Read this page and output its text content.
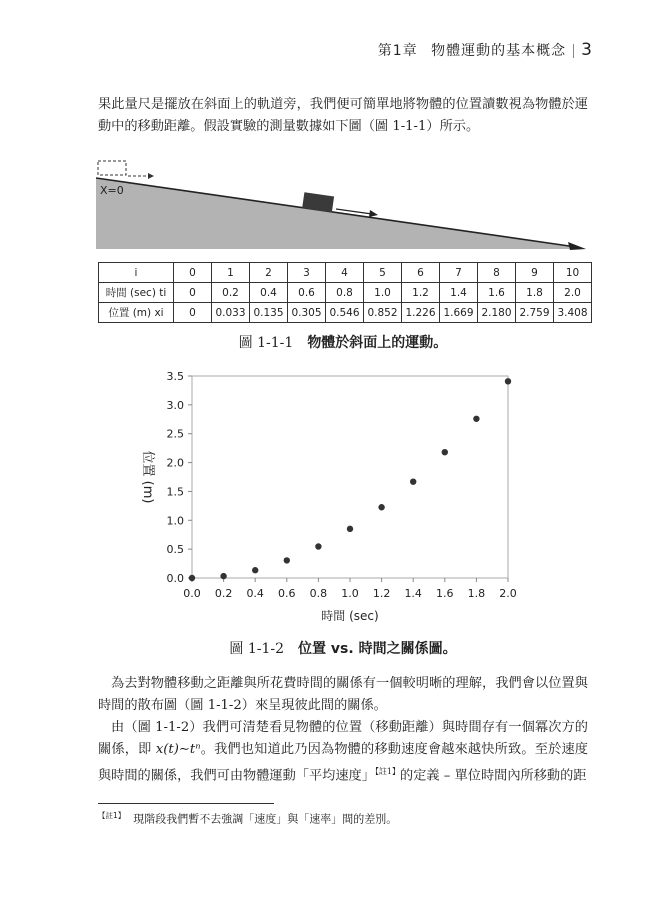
第1章 物體運動的基本概念 3

果此量尺是擺放在斜面上的軌道旁，我們便可簡單地將物體的位置讀數視為物體於運動中的移動距離。假設實驗的測量數據如下圖（圖 1-1-1）所示。

X=0
i	0	1	2	3	4	5	6	7	8	9	10
時間 (sec) ti	0	0.2	0.4	0.6	0.8	1.0	1.2	1.4	1.6	1.8	2.0
位置 (m) xi	0	0.033	0.135	0.305	0.546	0.852	1.226	1.669	2.180	2.759	3.408
圖 1-1-1 物體於斜面上的運動。
0.0
0.5
1.0
1.5
2.0
2.5
3.0
3.5
0.0 0.2 0.4 0.6 0.8 1.0 1.2 1.4 1.6 1.8 2.0
時間 (sec)
位置 (m)
圖 1-1-2 位置 vs. 時間之關係圖。

為去對物體移動之距離與所花費時間的關係有一個較明晰的理解，我們會以位置與時間的散布圖（圖 1-1-2）來呈現彼此間的關係。

由（圖 1-1-2）我們可清楚看見物體的位置（移動距離）與時間存有一個冪次方的關係，即 x(t)∼tⁿ。我們也知道此乃因為物體的移動速度會越來越快所致。至於速度與時間的關係，我們可由物體運動「平均速度」$^{【註1】}$的定義 – 單位時間內所移動的距

$^{【註1】}$ 現階段我們暫不去強調「速度」與「速率」間的差別。
